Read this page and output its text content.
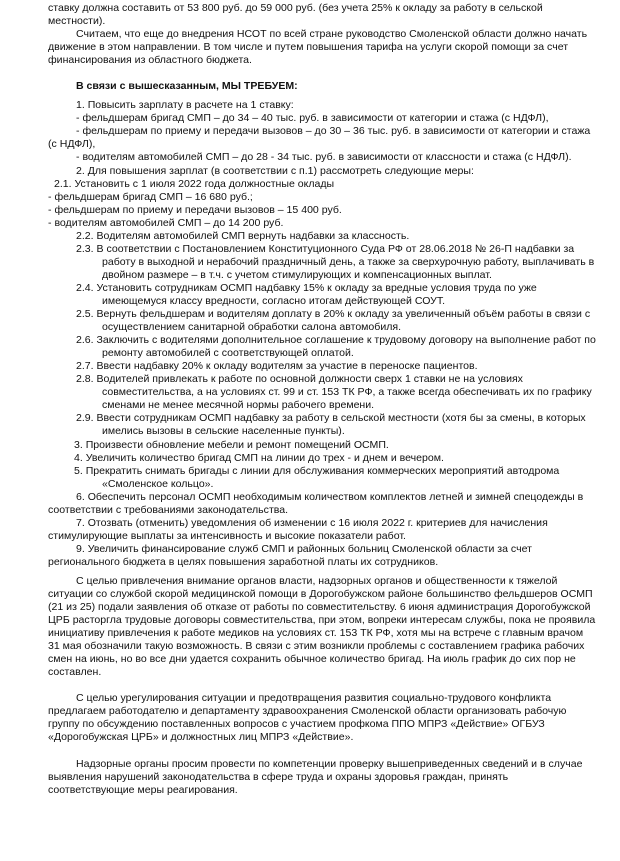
ставку должна составить от 53 800 руб. до 59 000 руб. (без учета 25% к окладу за работу в сельской местности).

Считаем, что еще до внедрения НСОТ по всей стране руководство Смоленской области должно начать движение в этом направлении. В том числе и путем повышения тарифа на услуги скорой помощи за счет финансирования из областного бюджета.

В связи с вышесказанным, МЫ ТРЕБУЕМ:

1. Повысить зарплату в расчете на 1 ставку:

- фельдшерам бригад СМП – до 34 – 40 тыс. руб. в зависимости от категории и стажа (с НДФЛ),

- фельдшерам по приему и передачи вызовов – до 30 – 36 тыс. руб. в зависимости от категории и стажа (с НДФЛ),

- водителям автомобилей СМП – до 28 - 34 тыс. руб. в зависимости от классности и стажа (с НДФЛ).

2. Для повышения зарплат (в соответствии с п.1) рассмотреть следующие меры:

2.1. Установить с 1 июля 2022 года должностные оклады

- фельдшерам бригад СМП – 16 680 руб.;

- фельдшерам по приему и передачи вызовов – 15 400 руб.

- водителям автомобилей СМП – до 14 200 руб.

2.2. Водителям автомобилей СМП вернуть надбавки за классность.

2.3. В соответствии с Постановлением Конституционного Суда РФ от 28.06.2018 № 26-П надбавки за работу в выходной и нерабочий праздничный день, а также за сверхурочную работу, выплачивать в двойном размере – в т.ч. с учетом стимулирующих и компенсационных выплат.

2.4. Установить сотрудникам ОСМП надбавку 15% к окладу за вредные условия труда по уже имеющемуся классу вредности, согласно итогам действующей СОУТ.

2.5. Вернуть фельдшерам и водителям доплату в 20% к окладу за увеличенный объём работы в связи с осуществлением санитарной обработки салона автомобиля.

2.6. Заключить с водителями дополнительное соглашение к трудовому договору на выполнение работ по ремонту автомобилей с соответствующей оплатой.

2.7. Ввести надбавку 20% к окладу водителям за участие в переноске пациентов.

2.8. Водителей привлекать к работе по основной должности сверх 1 ставки не на условиях совместительства, а на условиях ст. 99 и ст. 153 ТК РФ, а также всегда обеспечивать их по графику сменами не менее месячной нормы рабочего времени.

2.9. Ввести сотрудникам ОСМП надбавку за работу в сельской местности (хотя бы за смены, в которых имелись вызовы в сельские населенные пункты).

3. Произвести обновление мебели и ремонт помещений ОСМП.

4. Увеличить количество бригад СМП на линии до трех - и днем и вечером.

5. Прекратить снимать бригады с линии для обслуживания коммерческих мероприятий автодрома «Смоленское кольцо».

6. Обеспечить персонал ОСМП необходимым количеством комплектов летней и зимней спецодежды в соответствии с требованиями законодательства.

7. Отозвать (отменить) уведомления об изменении с 16 июля 2022 г. критериев для начисления стимулирующие выплаты за интенсивность и высокие показатели работ.

9. Увеличить финансирование служб СМП и районных больниц Смоленской области за счет регионального бюджета в целях повышения заработной платы их сотрудников.

С целью привлечения внимание органов власти, надзорных органов и общественности к тяжелой ситуации со службой скорой медицинской помощи в Дорогобужском районе большинство фельдшеров ОСМП (21 из 25) подали заявления об отказе от работы по совместительству. 6 июня администрация Дорогобужской ЦРБ расторгла трудовые договоры совместительства, при этом, вопреки интересам службы, пока не проявила инициативу привлечения к работе медиков на условиях ст. 153 ТК РФ, хотя мы на встрече с главным врачом 31 мая обозначили такую возможность. В связи с этим возникли проблемы с составлением графика рабочих смен на июнь, но во все дни удается сохранить обычное количество бригад. На июль график до сих пор не составлен.

С целью урегулирования ситуации и предотвращения развития социально-трудового конфликта предлагаем работодателю и департаменту здравоохранения Смоленской области организовать рабочую группу по обсуждению поставленных вопросов с участием профкома ППО МПРЗ «Действие» ОГБУЗ «Дорогобужская ЦРБ» и должностных лиц МПРЗ «Действие».

Надзорные органы просим провести по компетенции проверку вышеприведенных сведений и в случае выявления нарушений законодательства в сфере труда и охраны здоровья граждан, принять соответствующие меры реагирования.
